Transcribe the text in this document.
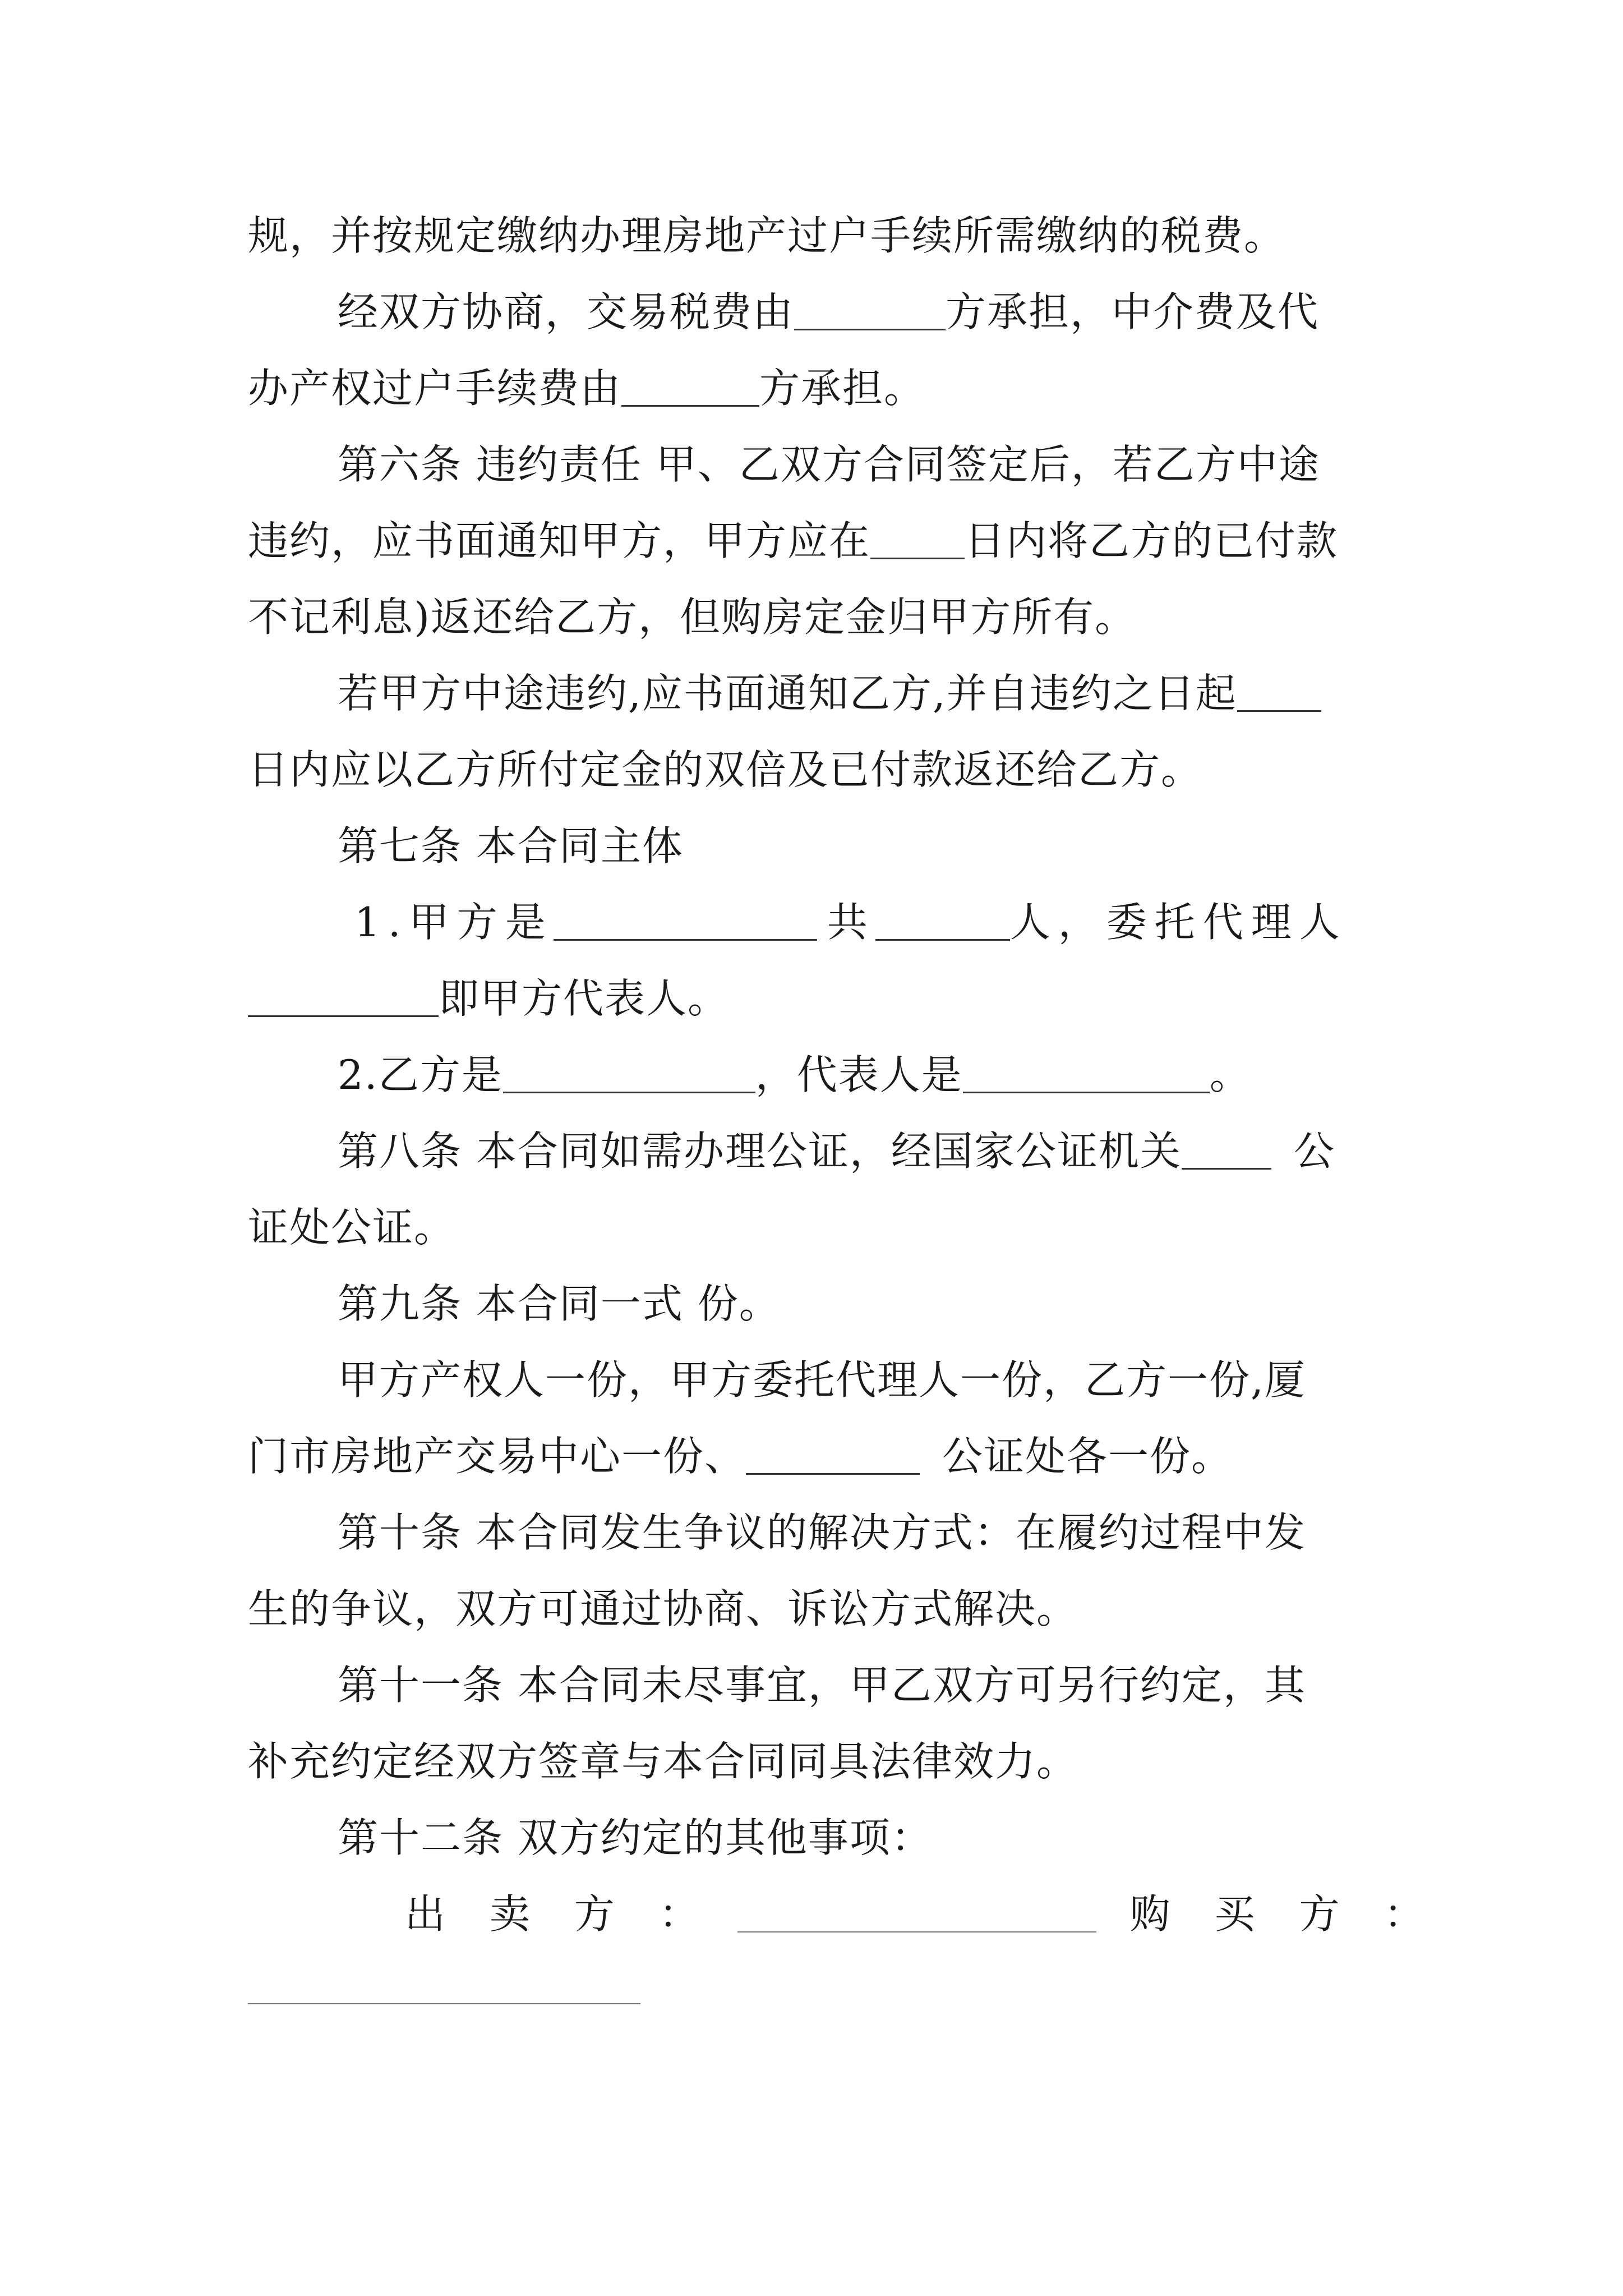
规，并按规定缴纳办理房地产过户手续所需缴纳的税费。
经双方协商，交易税费由	方承担，中介费及代
办产权过户手续费由	方承担。
第六条 违约责任 甲、乙双方合同签定后，若乙方中途
违约，应书面通知甲方，甲方应在 日内将乙方的已付款
不记利息)返还给乙方，但购房定金归甲方所有。
若甲方中途违约,应书面通知乙方,并自违约之日起
日内应以乙方所付定金的双倍及已付款返还给乙方。
第七条 本合同主体
1.甲方是	共	人，委托代理人
即甲方代表人。
2.乙方是	，代表人是	。
第八条 本合同如需办理公证，经国家公证机关	公
证处公证。
第九条 本合同一式 份。
甲方产权人一份，甲方委托代理人一份，乙方一份,厦
门市房地产交易中心一份、	公证处各一份。
第十条 本合同发生争议的解决方式：在履约过程中发
生的争议，双方可通过协商、诉讼方式解决。
第十一条 本合同未尽事宜，甲乙双方可另行约定，其
补充约定经双方签章与本合同同具法律效力。
第十二条 双方约定的其他事项：
出 卖 方 ：	购 买 方 ：
